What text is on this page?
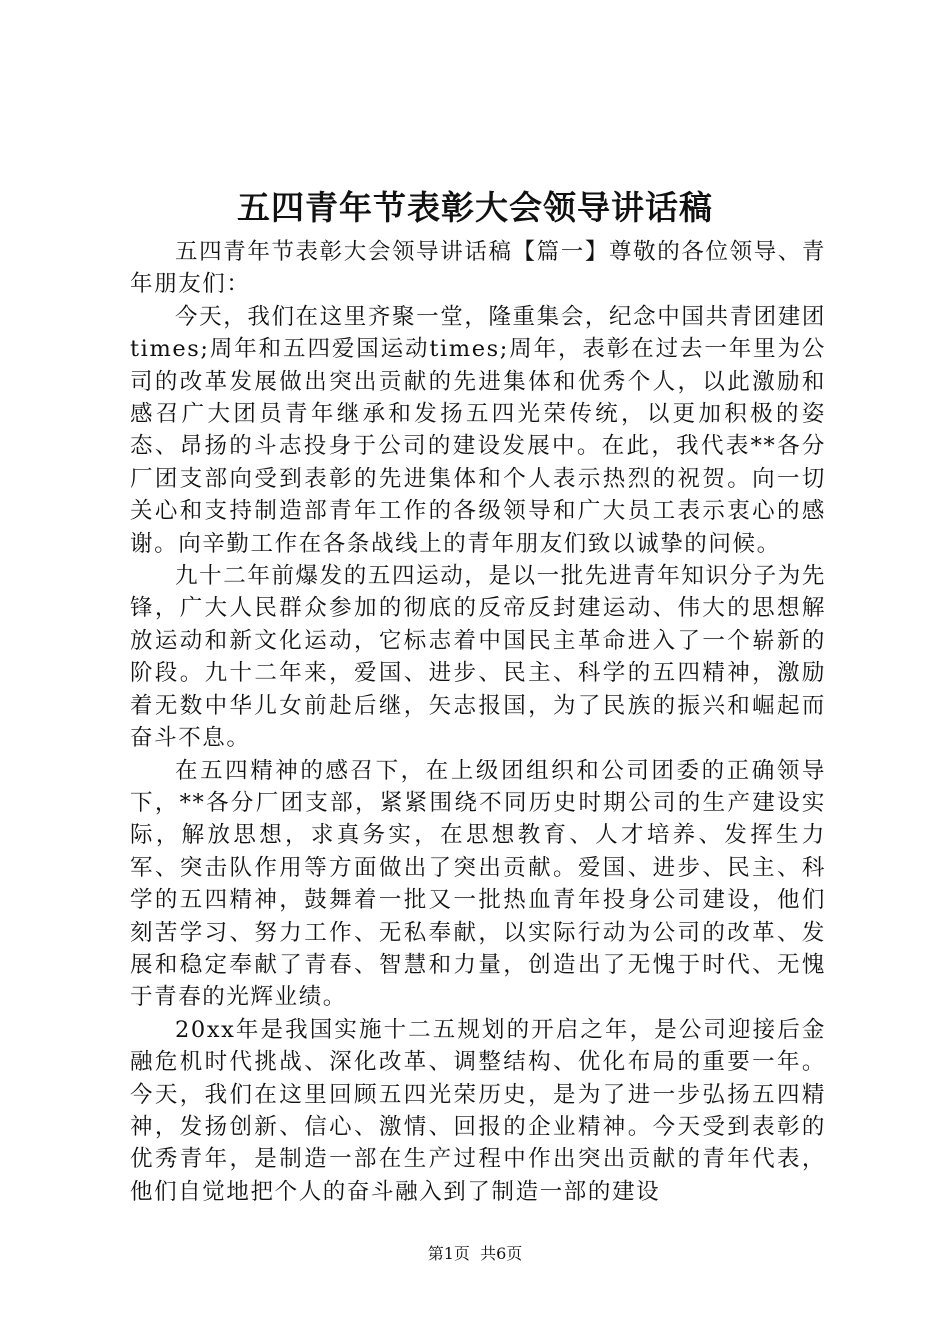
五四青年节表彰大会领导讲话稿

五四青年节表彰大会领导讲话稿【篇一】尊敬的各位领导、青年朋友们：

今天，我们在这里齐聚一堂，隆重集会，纪念中国共青团建团times;周年和五四爱国运动times;周年，表彰在过去一年里为公司的改革发展做出突出贡献的先进集体和优秀个人，以此激励和感召广大团员青年继承和发扬五四光荣传统，以更加积极的姿态、昂扬的斗志投身于公司的建设发展中。在此，我代表**各分厂团支部向受到表彰的先进集体和个人表示热烈的祝贺。向一切关心和支持制造部青年工作的各级领导和广大员工表示衷心的感谢。向辛勤工作在各条战线上的青年朋友们致以诚挚的问候。

九十二年前爆发的五四运动，是以一批先进青年知识分子为先锋，广大人民群众参加的彻底的反帝反封建运动、伟大的思想解放运动和新文化运动，它标志着中国民主革命进入了一个崭新的阶段。九十二年来，爱国、进步、民主、科学的五四精神，激励着无数中华儿女前赴后继，矢志报国，为了民族的振兴和崛起而奋斗不息。

在五四精神的感召下，在上级团组织和公司团委的正确领导下，**各分厂团支部，紧紧围绕不同历史时期公司的生产建设实际，解放思想，求真务实，在思想教育、人才培养、发挥生力军、突击队作用等方面做出了突出贡献。爱国、进步、民主、科学的五四精神，鼓舞着一批又一批热血青年投身公司建设，他们刻苦学习、努力工作、无私奉献，以实际行动为公司的改革、发展和稳定奉献了青春、智慧和力量，创造出了无愧于时代、无愧于青春的光辉业绩。

20xx年是我国实施十二五规划的开启之年，是公司迎接后金融危机时代挑战、深化改革、调整结构、优化布局的重要一年。今天，我们在这里回顾五四光荣历史，是为了进一步弘扬五四精神，发扬创新、信心、激情、回报的企业精神。今天受到表彰的优秀青年，是制造一部在生产过程中作出突出贡献的青年代表，他们自觉地把个人的奋斗融入到了制造一部的建设

第1页 共6页
